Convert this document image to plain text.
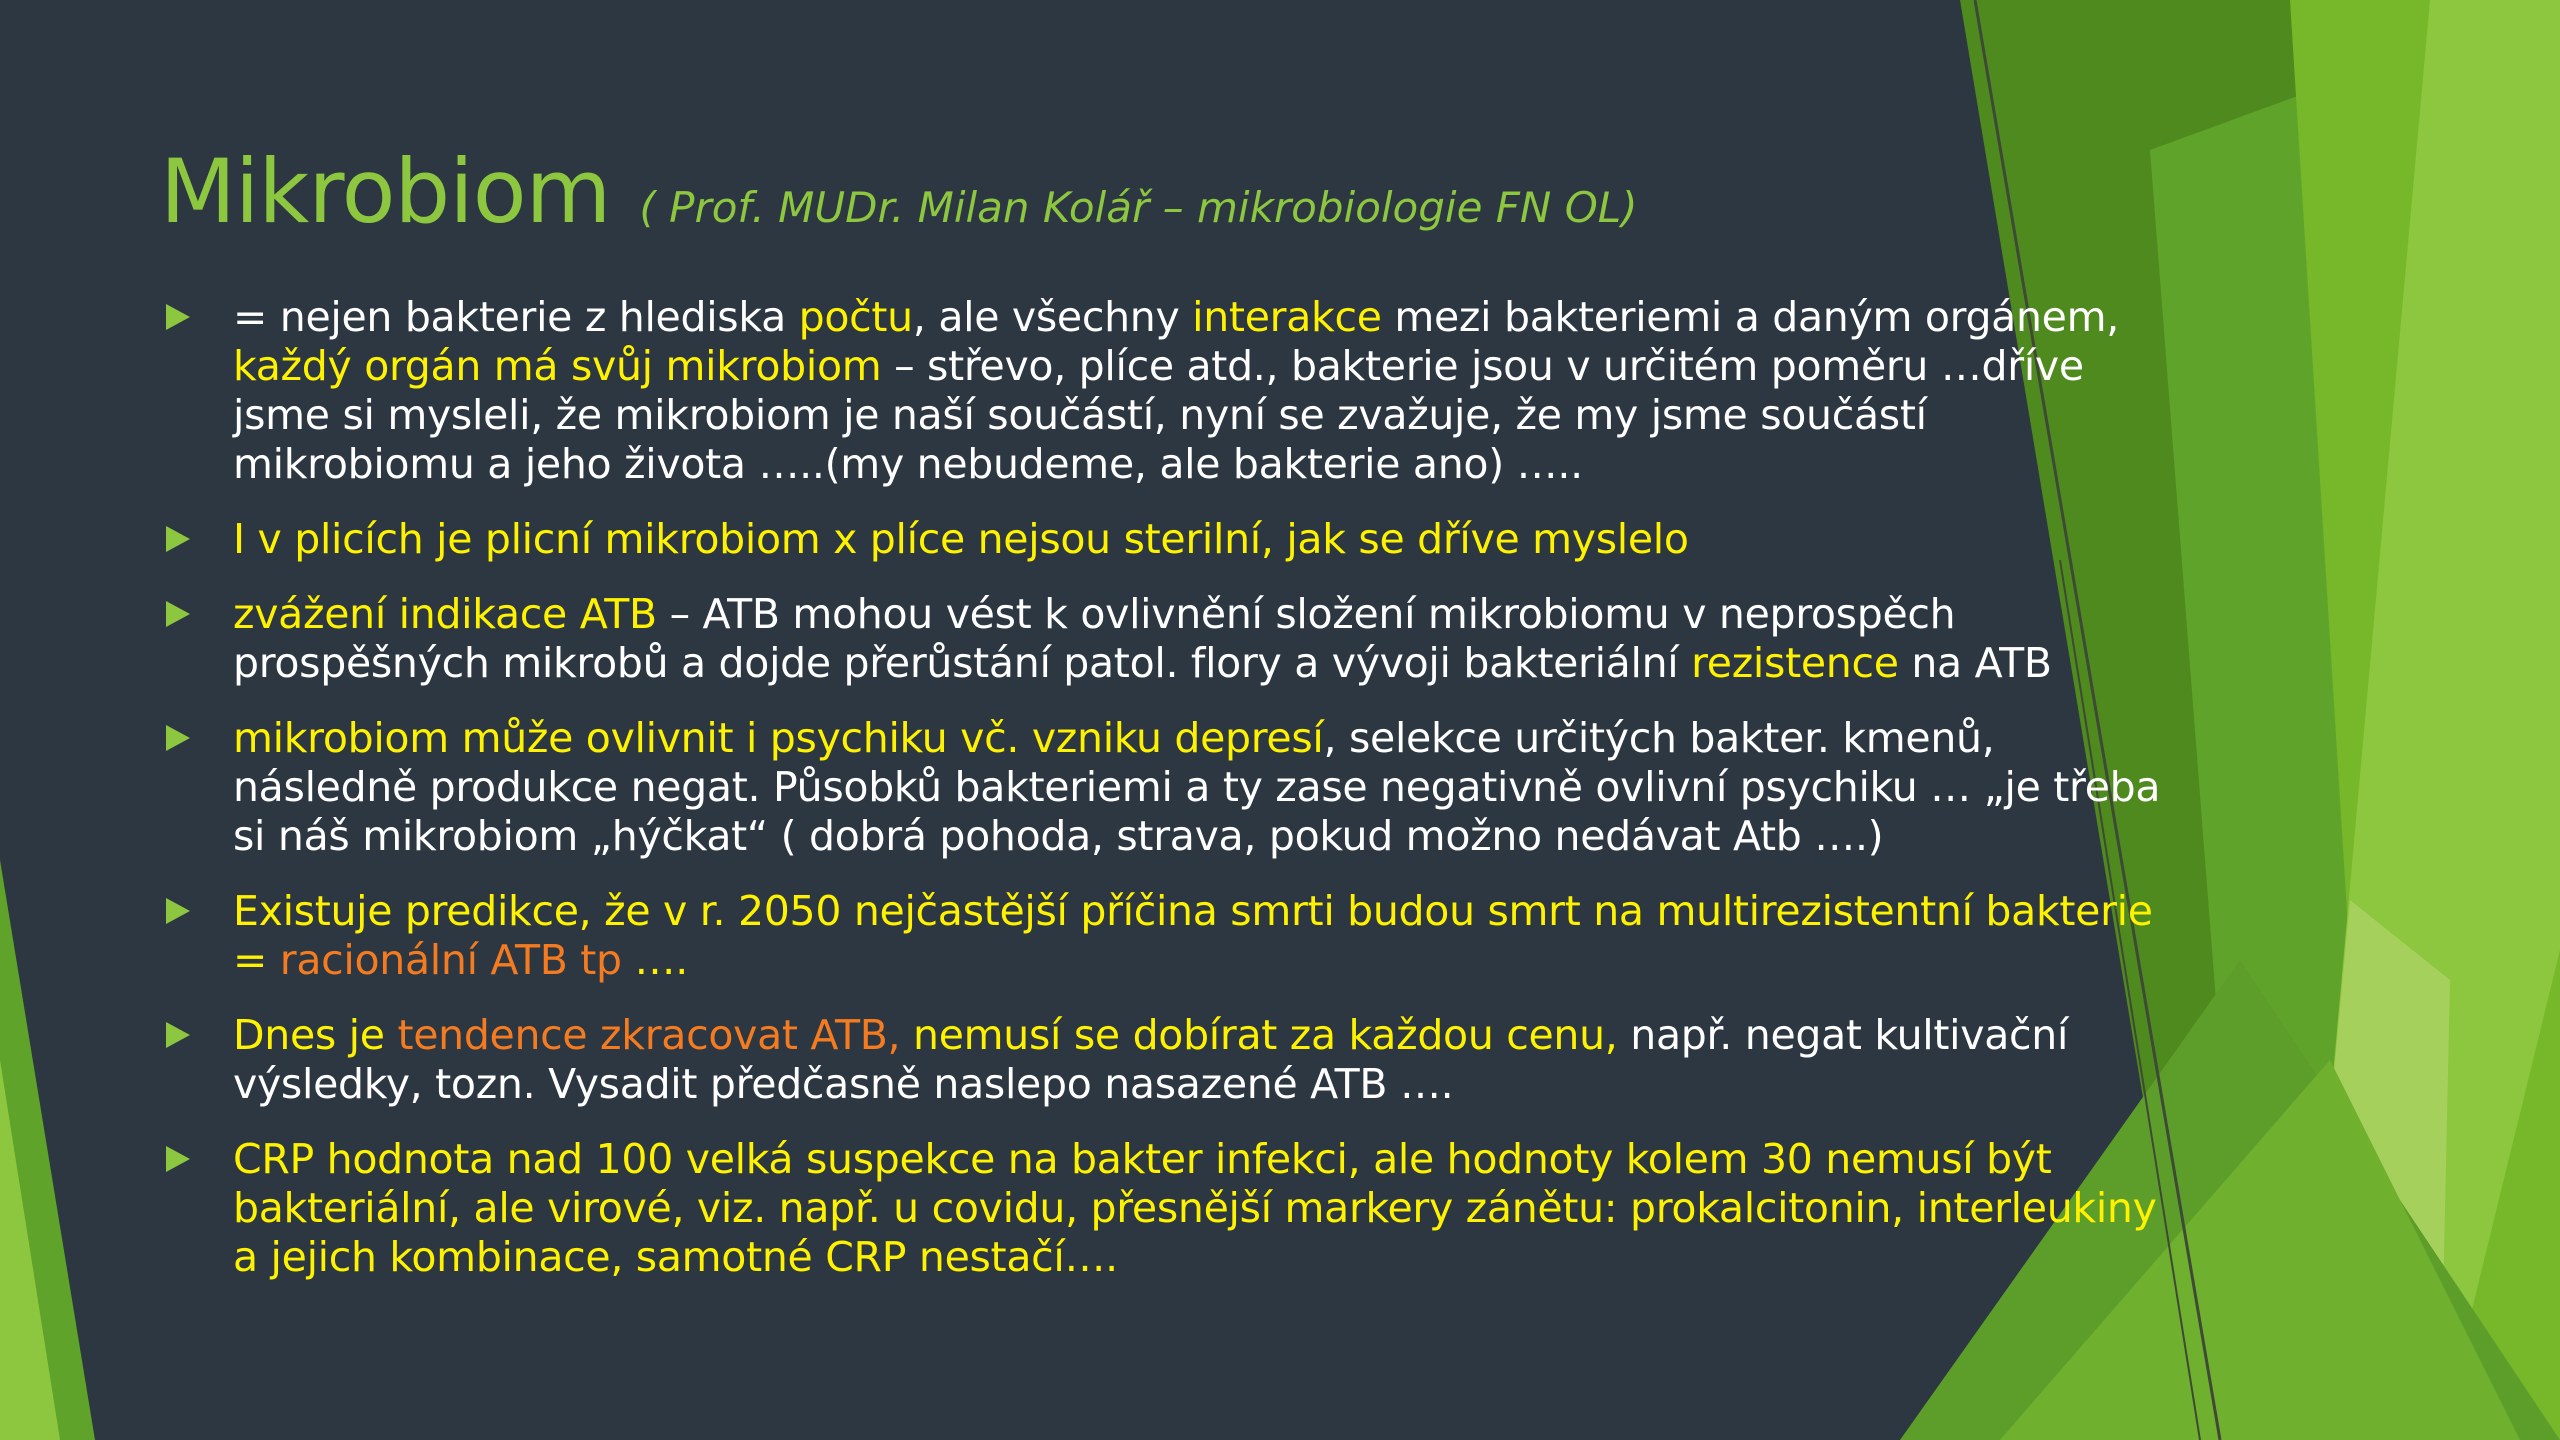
Mikrobiom ( Prof. MUDr. Milan Kolář – mikrobiologie FN OL)
= nejen bakterie z hlediska počtu, ale všechny interakce mezi bakteriemi a daným orgánem, každý orgán má svůj mikrobiom – střevo, plíce atd., bakterie jsou v určitém poměru …dříve jsme si mysleli, že mikrobiom je naší součástí, nyní se zvažuje, že my jsme součástí mikrobiomu a jeho života …..(my nebudeme, ale bakterie ano) …..
I v plicích je plicní mikrobiom x plíce nejsou sterilní, jak se dříve myslelo
zvážení indikace ATB – ATB mohou vést k ovlivnění složení mikrobiomu v neprospěch prospěšných mikrobů a dojde přerůstání patol. flory a vývoji bakteriální rezistence na ATB
mikrobiom může ovlivnit i psychiku vč. vzniku depresí, selekce určitých bakter. kmenů, následně produkce negat. Působků bakteriemi a ty zase negativně ovlivní psychiku … „je třeba si náš mikrobiom „hýčkat“ ( dobrá pohoda, strava, pokud možno nedávat Atb ….)
Existuje predikce, že v r. 2050 nejčastější příčina smrti budou smrt na multirezistentní bakterie = racionální ATB tp ….
Dnes je tendence zkracovat ATB, nemusí se dobírat za každou cenu, např. negat kultivační výsledky, tozn. Vysadit předčasně naslepo nasazené ATB ….
CRP hodnota nad 100 velká suspekce na bakter infekci, ale hodnoty kolem 30 nemusí být bakteriální, ale virové, viz. např. u covidu, přesnější markery zánětu: prokalcitonin, interleukiny a jejich kombinace, samotné CRP nestačí….
